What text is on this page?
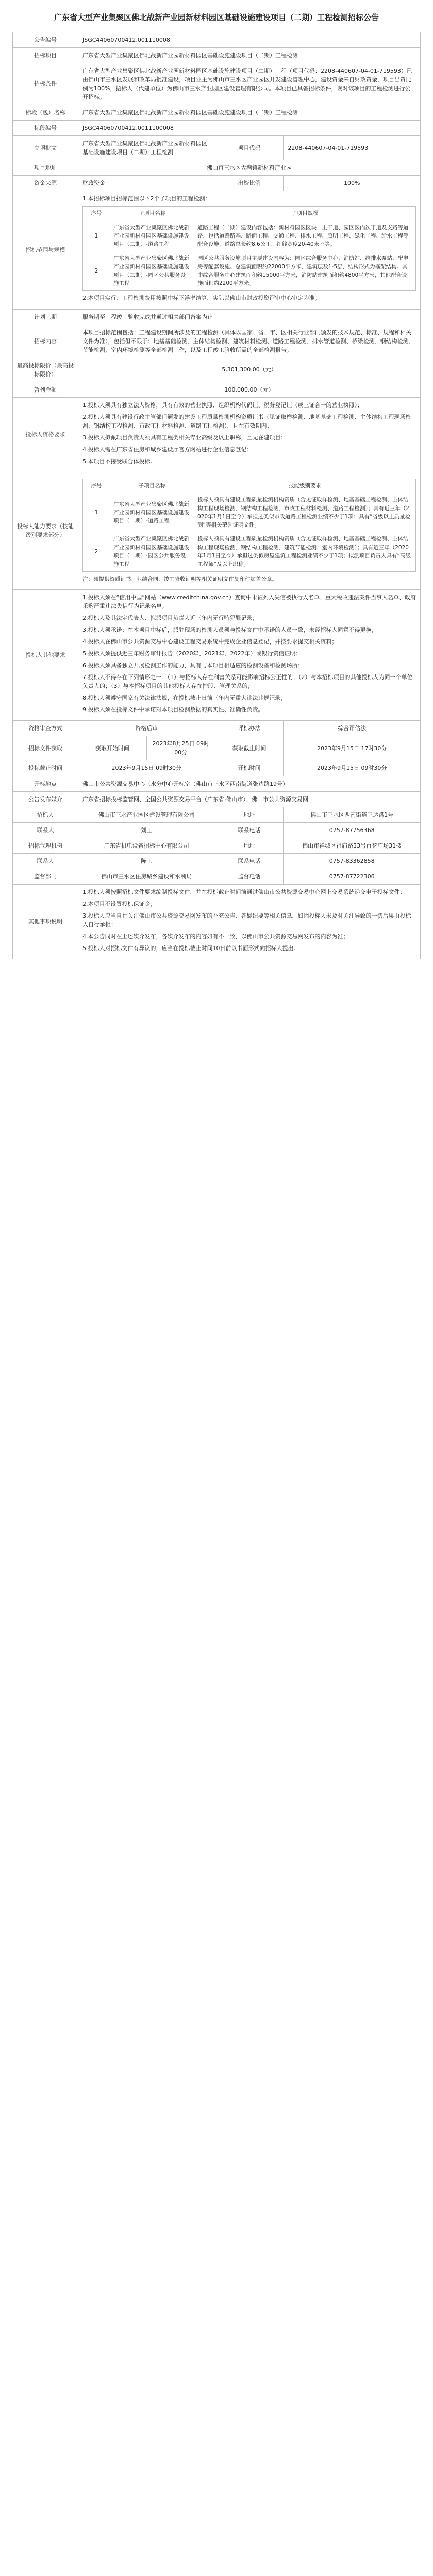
广东省大型产业集聚区佛北战新产业园新材料园区基础设施建设项目（二期）工程检测招标公告
公告编号	JSGC44060700412.001110008
招标项目	广东省大型产业集聚区佛北战新产业园新材料园区基础设施建设项目（二期）工程检测
招标条件	广东省大型产业集聚区佛北战新产业园新材料园区基础设施建设项目（二期）工程（项目代码：2208-440607-04-01-719593）已由佛山市三水区发展和改革局批准建设，项目业主为佛山市三水区产业园区开发建设管理中心，建设资金来自财政资金，项目出资比例为100%，招标人（代建单位）为佛山市三水产业园区建设管理有限公司。本项目已具备招标条件，现对该项目的工程检测进行公开招标。
标段（包）名称	广东省大型产业集聚区佛北战新产业园新材料园区基础设施建设项目（二期）工程检测
标段编号	JSGC44060700412.0011100008
立项批文	广东省大型产业集聚区佛北战新产业园新材料园区基础设施建设项目（二期）工程检测	项目代码	2208-440607-04-01-719593
项目地址	佛山市三水区大塘镇新材料产业园
资金来源	财政资金	出资比例	100%
招标范围与规模	
1.本招标项目招标范围以下2个子项目的工程检测：
序号	子项目名称	子项目规模
1	广东省大型产业集聚区佛北战新产业园新材料园区基础设施建设项目（二期）-道路工程	道路工程（二期）建设内容包括：新材料园区区块一主干道、园区区内次干道及支路等道路，包括道路路基、路面工程、交通工程、排水工程、照明工程、绿化工程、给水工程等配套设施，道路总长约8.6公里，红线宽度20-40米不等。
2	广东省大型产业集聚区佛北战新产业园新材料园区基础设施建设项目（二期）-园区公共服务设施工程	园区公共服务设施项目主要建设内容为：园区综合服务中心、消防站、给排水泵站、配电房等配套设施。总建筑面积约22000平方米，建筑层数1-5层，结构形式为框架结构。其中综合服务中心建筑面积约15000平方米，消防站建筑面积约4800平方米，其他配套设施面积约2200平方米。
2.本项目实行：工程检测费用按照中标下浮率结算，实际以佛山市财政投资评审中心审定为准。

计划工期	服务期至工程竣工验收完成并通过相关部门备案为止
招标内容	本项目招标范围包括：工程建设期间所涉及的工程检测（具体以国家、省、市、区相关行业部门颁发的技术规范、标准、规程和相关文件为准），包括但不限于：地基基础检测、主体结构检测、建筑材料检测、道路工程检测、排水管道检测、桥梁检测、钢结构检测、节能检测、室内环境检测等全部检测工作，以及工程竣工验收所需的全部检测报告。
最高投标限价（最高投标限价）	5,301,300.00（元）
暂列金额	100,000.00（元）
投标人资格要求	
1.投标人须具有独立法人资格，具有有效的营业执照、组织机构代码证、税务登记证（或三证合一的营业执照）；
2.投标人须具有建设行政主管部门颁发的建设工程质量检测机构资质证书（见证取样检测、地基基础工程检测、主体结构工程现场检测、钢结构工程检测、市政工程材料检测、道路工程检测），且在有效期内；
3.投标人拟派项目负责人须具有工程类相关专业高级及以上职称，且无在建项目；
4.投标人需在广东省住房和城乡建设厅官方网站进行企业信息登记；
5.本项目不接受联合体投标。

投标人能力要求（技能级别要求部分）	
序号	子项目名称	技能级别要求
1	广东省大型产业集聚区佛北战新产业园新材料园区基础设施建设项目（二期）-道路工程	投标人须具有建设工程质量检测机构资质（含见证取样检测、地基基础工程检测、主体结构工程现场检测、钢结构工程检测、市政工程材料检测、道路工程检测）；具有近三年（2020年1月1日至今）承担过类似市政道路工程检测业绩不少于1项；具有“省级以上质量检测”等相关荣誉证明文件。
2	广东省大型产业集聚区佛北战新产业园新材料园区基础设施建设项目（二期）-园区公共服务设施工程	投标人须具有建设工程质量检测机构资质（含见证取样检测、地基基础工程检测、主体结构工程现场检测、钢结构工程检测、建筑节能检测、室内环境检测）；具有近三年（2020年1月1日至今）承担过类似房屋建筑工程检测业绩不少于1项；拟派项目负责人具有“高级工程师”及以上职称。
注：须提供资质证书、业绩合同、竣工验收证明等相关证明文件复印件加盖公章。

投标人其他要求	
1.投标人须在“信用中国”网站（www.creditchina.gov.cn）查询中未被列入失信被执行人名单、重大税收违法案件当事人名单、政府采购严重违法失信行为记录名单；
2.投标人及其法定代表人、拟派项目负责人近三年内无行贿犯罪记录；
3.投标人须承诺：在本项目中标后，派驻现场的检测人员须与投标文件中承诺的人员一致，未经招标人同意不得更换；
4.投标人在佛山市公共资源交易中心建设工程交易系统中完成企业信息登记，并按要求提交相关资料；
5.投标人须提供近三年财务审计报告（2020年、2021年、2022年）或银行资信证明；
6.投标人须具备独立开展检测工作的能力，具有与本项目相适应的检测设备和检测场所；
7.投标人不得存在下列情形之一：（1）与招标人存在利害关系可能影响招标公正性的；（2）与本招标项目的其他投标人为同一个单位负责人的；（3）与本招标项目的其他投标人存在控股、管理关系的；
8.投标人须遵守国家有关法律法规，在投标截止日前三年内无重大违法违规记录；
9.投标人须在投标文件中承诺对本项目检测数据的真实性、准确性负责。

资格审查方式	资格后审	评标办法	综合评估法
招标文件获取	获取开始时间	2023年8月25日 09时00分	获取截止时间	2023年9月15日 17时30分
投标截止时间	2023年9月15日 09时30分	开标时间	2023年9月15日 09时30分
开标地点	佛山市公共资源交易中心三水分中心开标室（佛山市三水区西南街道张边路19号）
公告发布媒介	广东省招标投标监管网、全国公共资源交易平台（广东省·佛山市）、佛山市公共资源交易网
招标人	佛山市三水产业园区建设管理有限公司	地址	佛山市三水区西南街道三达路1号
联系人	刘工	联系电话	0757-87756368
招标代理机构	广东省机电设备招标中心有限公司	地址	佛山市禅城区祖庙路33号百花广场31楼
联系人	陈工	联系电话	0757-83362858
监督部门	佛山市三水区住房城乡建设和水利局	监督电话	0757-87722306
其他事项说明	
1.投标人须按照招标文件要求编制投标文件，并在投标截止时间前通过佛山市公共资源交易中心网上交易系统递交电子投标文件；
2.本项目不设置投标保证金；
3.投标人应当自行关注佛山市公共资源交易网发布的补充公告、答疑纪要等相关信息，如因投标人未及时关注导致的一切后果由投标人自行承担；
4.本公告同时在上述媒介发布，各媒介发布的内容如有不一致，以佛山市公共资源交易网发布的内容为准；
5.投标人对招标文件有异议的，应当在投标截止时间10日前以书面形式向招标人提出。
